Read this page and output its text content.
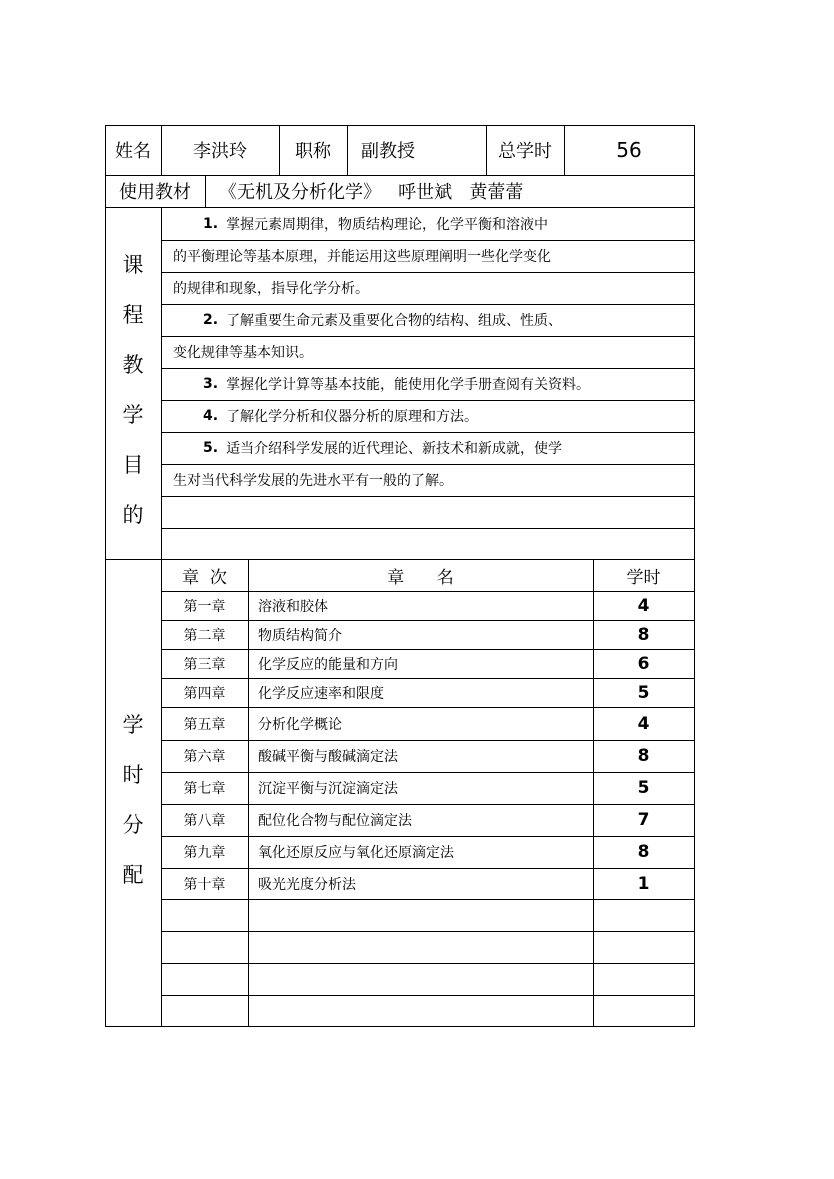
姓名	李洪玲	职称	副教授	总学时	56
使用教材	《无机及分析化学》   呼世斌   黄蕾蕾
课
程
教
学
目
的
1. 掌握元素周期律，物质结构理论，化学平衡和溶液中
的平衡理论等基本原理，并能运用这些原理阐明一些化学变化
的规律和现象，指导化学分析。
2. 了解重要生命元素及重要化合物的结构、组成、性质、
变化规律等基本知识。
3. 掌握化学计算等基本技能，能使用化学手册查阅有关资料。
4. 了解化学分析和仪器分析的原理和方法。
5. 适当介绍科学发展的近代理论、新技术和新成就，使学
生对当代科学发展的先进水平有一般的了解。
学
时
分
配
章  次	章      名	学时
第一章	溶液和胶体	4
第二章	物质结构简介	8
第三章	化学反应的能量和方向	6
第四章	化学反应速率和限度	5
第五章	分析化学概论	4
第六章	酸碱平衡与酸碱滴定法	8
第七章	沉淀平衡与沉淀滴定法	5
第八章	配位化合物与配位滴定法	7
第九章	氧化还原反应与氧化还原滴定法	8
第十章	吸光光度分析法	1
